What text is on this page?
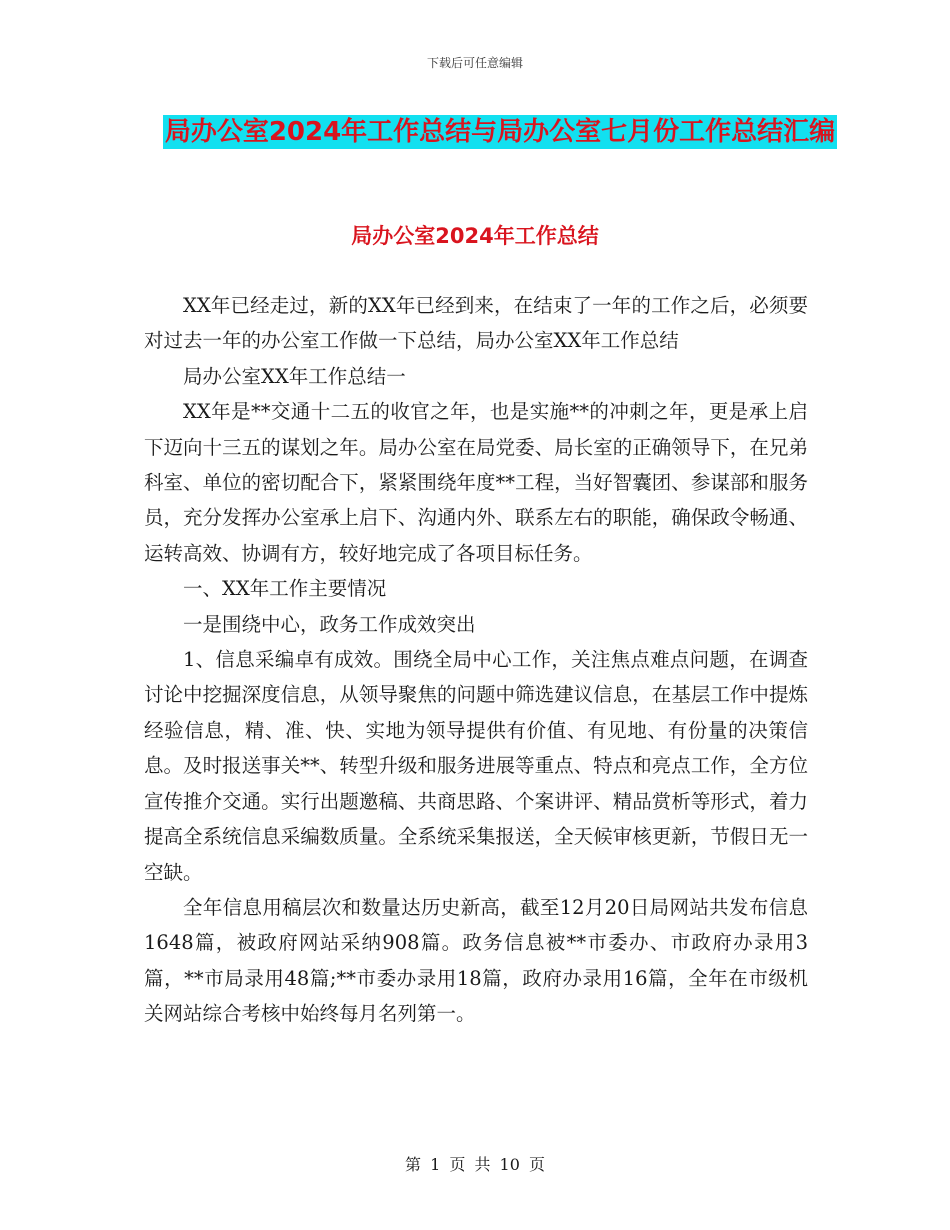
下载后可任意编辑
局办公室2024年工作总结与局办公室七月份工作总结汇编
局办公室2024年工作总结

XX年已经走过，新的XX年已经到来，在结束了一年的工作之后，必须要对过去一年的办公室工作做一下总结，局办公室XX年工作总结

局办公室XX年工作总结一

XX年是**交通十二五的收官之年，也是实施**的冲刺之年，更是承上启下迈向十三五的谋划之年。局办公室在局党委、局长室的正确领导下，在兄弟科室、单位的密切配合下，紧紧围绕年度**工程，当好智囊团、参谋部和服务员，充分发挥办公室承上启下、沟通内外、联系左右的职能，确保政令畅通、运转高效、协调有方，较好地完成了各项目标任务。

一、XX年工作主要情况

一是围绕中心，政务工作成效突出

1、信息采编卓有成效。围绕全局中心工作，关注焦点难点问题，在调查讨论中挖掘深度信息，从领导聚焦的问题中筛选建议信息，在基层工作中提炼经验信息，精、准、快、实地为领导提供有价值、有见地、有份量的决策信息。及时报送事关**、转型升级和服务进展等重点、特点和亮点工作，全方位宣传推介交通。实行出题邀稿、共商思路、个案讲评、精品赏析等形式，着力提高全系统信息采编数质量。全系统采集报送，全天候审核更新，节假日无一空缺。

全年信息用稿层次和数量达历史新高，截至12月20日局网站共发布信息1648篇，被政府网站采纳908篇。政务信息被**市委办、市政府办录用3篇，**市局录用48篇;**市委办录用18篇，政府办录用16篇，全年在市级机关网站综合考核中始终每月名列第一。

第 1 页 共 10 页
